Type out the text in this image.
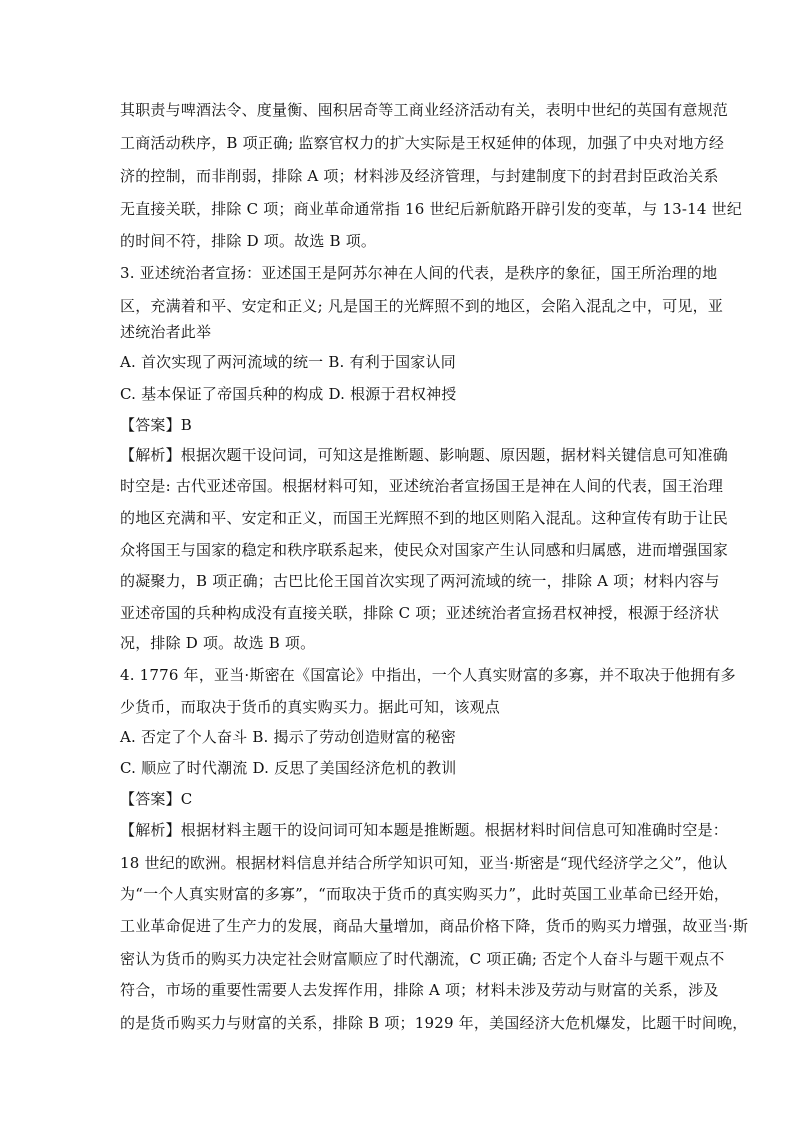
其职责与啤酒法令、度量衡、囤积居奇等工商业经济活动有关，表明中世纪的英国有意规范
工商活动秩序，B 项正确; 监察官权力的扩大实际是王权延伸的体现，加强了中央对地方经
济的控制，而非削弱，排除 A 项；材料涉及经济管理，与封建制度下的封君封臣政治关系
无直接关联，排除 C 项；商业革命通常指 16 世纪后新航路开辟引发的变革，与 13-14 世纪
的时间不符，排除 D 项。故选 B 项。
3. 亚述统治者宣扬：亚述国王是阿苏尔神在人间的代表，是秩序的象征，国王所治理的地
区，充满着和平、安定和正义; 凡是国王的光辉照不到的地区，会陷入混乱之中，可见，亚
述统治者此举
A. 首次实现了两河流域的统一 B. 有利于国家认同
C. 基本保证了帝国兵种的构成 D. 根源于君权神授
【答案】B
【解析】根据次题干设问词，可知这是推断题、影响题、原因题，据材料关键信息可知准确
时空是: 古代亚述帝国。根据材料可知，亚述统治者宣扬国王是神在人间的代表，国王治理
的地区充满和平、安定和正义，而国王光辉照不到的地区则陷入混乱。这种宣传有助于让民
众将国王与国家的稳定和秩序联系起来，使民众对国家产生认同感和归属感，进而增强国家
的凝聚力，B 项正确；古巴比伦王国首次实现了两河流域的统一，排除 A 项；材料内容与
亚述帝国的兵种构成没有直接关联，排除 C 项；亚述统治者宣扬君权神授，根源于经济状
况，排除 D 项。故选 B 项。
4. 1776 年，亚当·斯密在《国富论》中指出，一个人真实财富的多寡，并不取决于他拥有多
少货币，而取决于货币的真实购买力。据此可知，该观点
A. 否定了个人奋斗 B. 揭示了劳动创造财富的秘密
C. 顺应了时代潮流 D. 反思了美国经济危机的教训
【答案】C
【解析】根据材料主题干的设问词可知本题是推断题。根据材料时间信息可知准确时空是：
18 世纪的欧洲。根据材料信息并结合所学知识可知，亚当·斯密是“现代经济学之父”，他认
为“一个人真实财富的多寡”，“而取决于货币的真实购买力”，此时英国工业革命已经开始，
工业革命促进了生产力的发展，商品大量增加，商品价格下降，货币的购买力增强，故亚当·斯
密认为货币的购买力决定社会财富顺应了时代潮流，C 项正确; 否定个人奋斗与题干观点不
符合，市场的重要性需要人去发挥作用，排除 A 项；材料未涉及劳动与财富的关系，涉及
的是货币购买力与财富的关系，排除 B 项；1929 年，美国经济大危机爆发，比题干时间晚，
